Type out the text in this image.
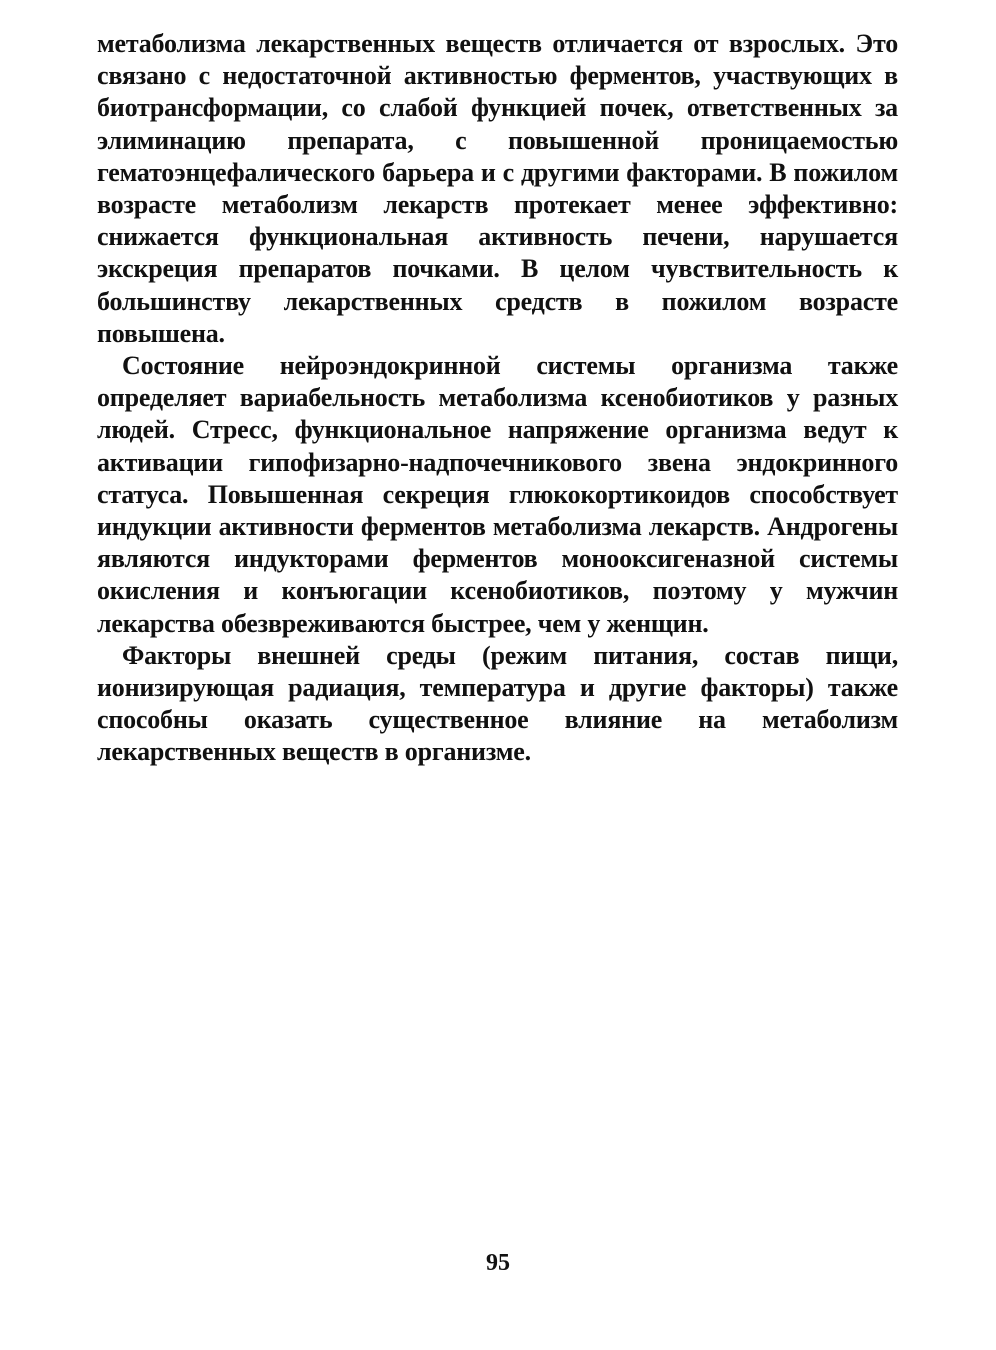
метаболизма лекарственных веществ отличается от взрослых. Это связано с недостаточной активностью ферментов, участвующих в биотрансформации, со слабой функцией почек, ответственных за элиминацию препарата, с повышенной проницаемостью гематоэнцефалического барьера и с другими факторами. В пожилом возрасте метаболизм лекарств протекает менее эффективно: снижается функциональная активность печени, нарушается экскреция препаратов почками. В целом чувствительность к большинству лекарственных средств в пожилом возрасте повышена.

Состояние нейроэндокринной системы организма также определяет вариабельность метаболизма ксенобиотиков у разных людей. Стресс, функциональное напряжение организма ведут к активации гипофизарно-надпочечникового звена эндокринного статуса. Повышенная секреция глюкокортикоидов способствует индукции активности ферментов метаболизма лекарств. Андрогены являются индукторами ферментов монооксигеназной системы окисления и конъюгации ксенобиотиков, поэтому у мужчин лекарства обезвреживаются быстрее, чем у женщин.

Факторы внешней среды (режим питания, состав пищи, ионизирующая радиация, температура и другие факторы) также способны оказать существенное влияние на метаболизм лекарственных веществ в организме.

95
